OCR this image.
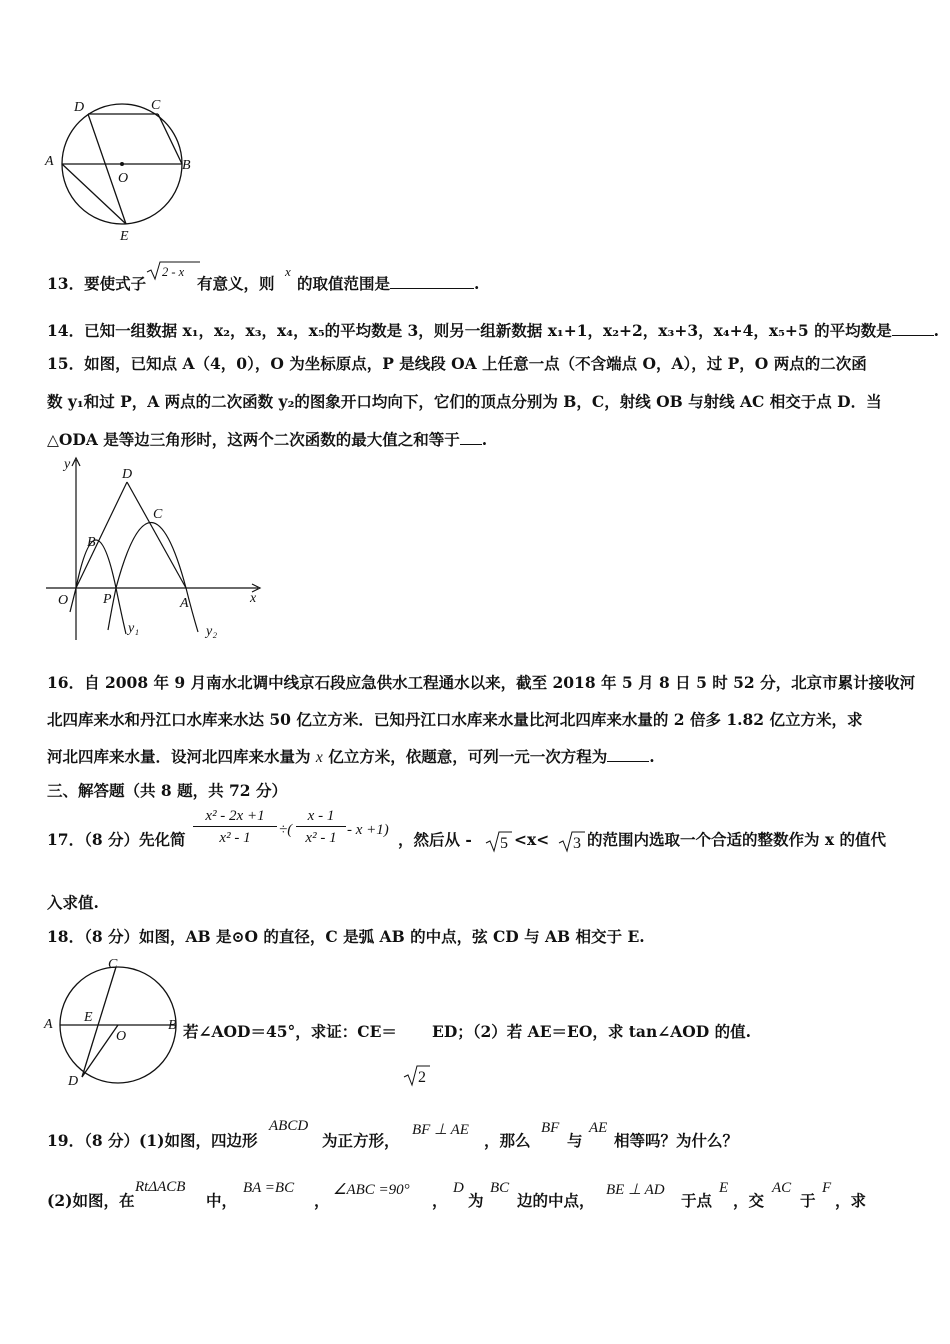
D	C
A
O
B
E
13．要使式子
2 - x
有意义，则
x
的取值范围是	.
14．已知一组数据 x₁，x₂，x₃，x₄，x₅的平均数是 3，则另一组新数据 x₁+1，x₂+2，x₃+3，x₄+4，x₅+5 的平均数是	.
15．如图，已知点 A（4，0），O 为坐标原点，P 是线段 OA 上任意一点（不含端点 O，A），过 P，O 两点的二次函
数 y₁和过 P，A 两点的二次函数 y₂的图象开口均向下，它们的顶点分别为 B，C，射线 OB 与射线 AC 相交于点 D．当
△ODA 是等边三角形时，这两个二次函数的最大值之和等于 .
y
D
C
B
O P	A	x
y₁	y₂
16．自 2008 年 9 月南水北调中线京石段应急供水工程通水以来，截至 2018 年 5 月 8 日 5 时 52 分，北京市累计接收河
北四库来水和丹江口水库来水达 50 亿立方米．已知丹江口水库来水量比河北四库来水量的 2 倍多 1.82 亿立方米，求
河北四库来水量．设河北四库来水量为 x 亿立方米，依题意，可列一元一次方程为	.
三、解答题（共 8 题，共 72 分）
17．（8 分）先化简 $\frac{\text{x² - 2x +1}}{\text{x² - 1}}$ ÷( $\frac{x - 1}{\text{x² - 1}} - x +1$) ，然后从 - 5 <x< 3 的范围内选取一个合适的整数作为 x 的值代
入求值.
18．（8 分）如图，AB 是⊙O 的直径，C 是弧 AB 的中点，弦 CD 与 AB 相交于 E.
C
A E
O
B
D
若∠AOD＝45°，求证：CE＝ ED；（2）若 AE＝EO，求 tan∠AOD 的值.
2
19．（8 分）(1)如图，四边形
ABCD
为正方形，
BF ⊥ AE
，那么
BF
与
AE
相等吗？为什么？
(2)如图，在
RtΔACB
中，
BA =BC
，
∠ABC =90°
，
D
为
BC
边的中点，
BE ⊥ AD
于点
E
，交
AC
于
F
，求
